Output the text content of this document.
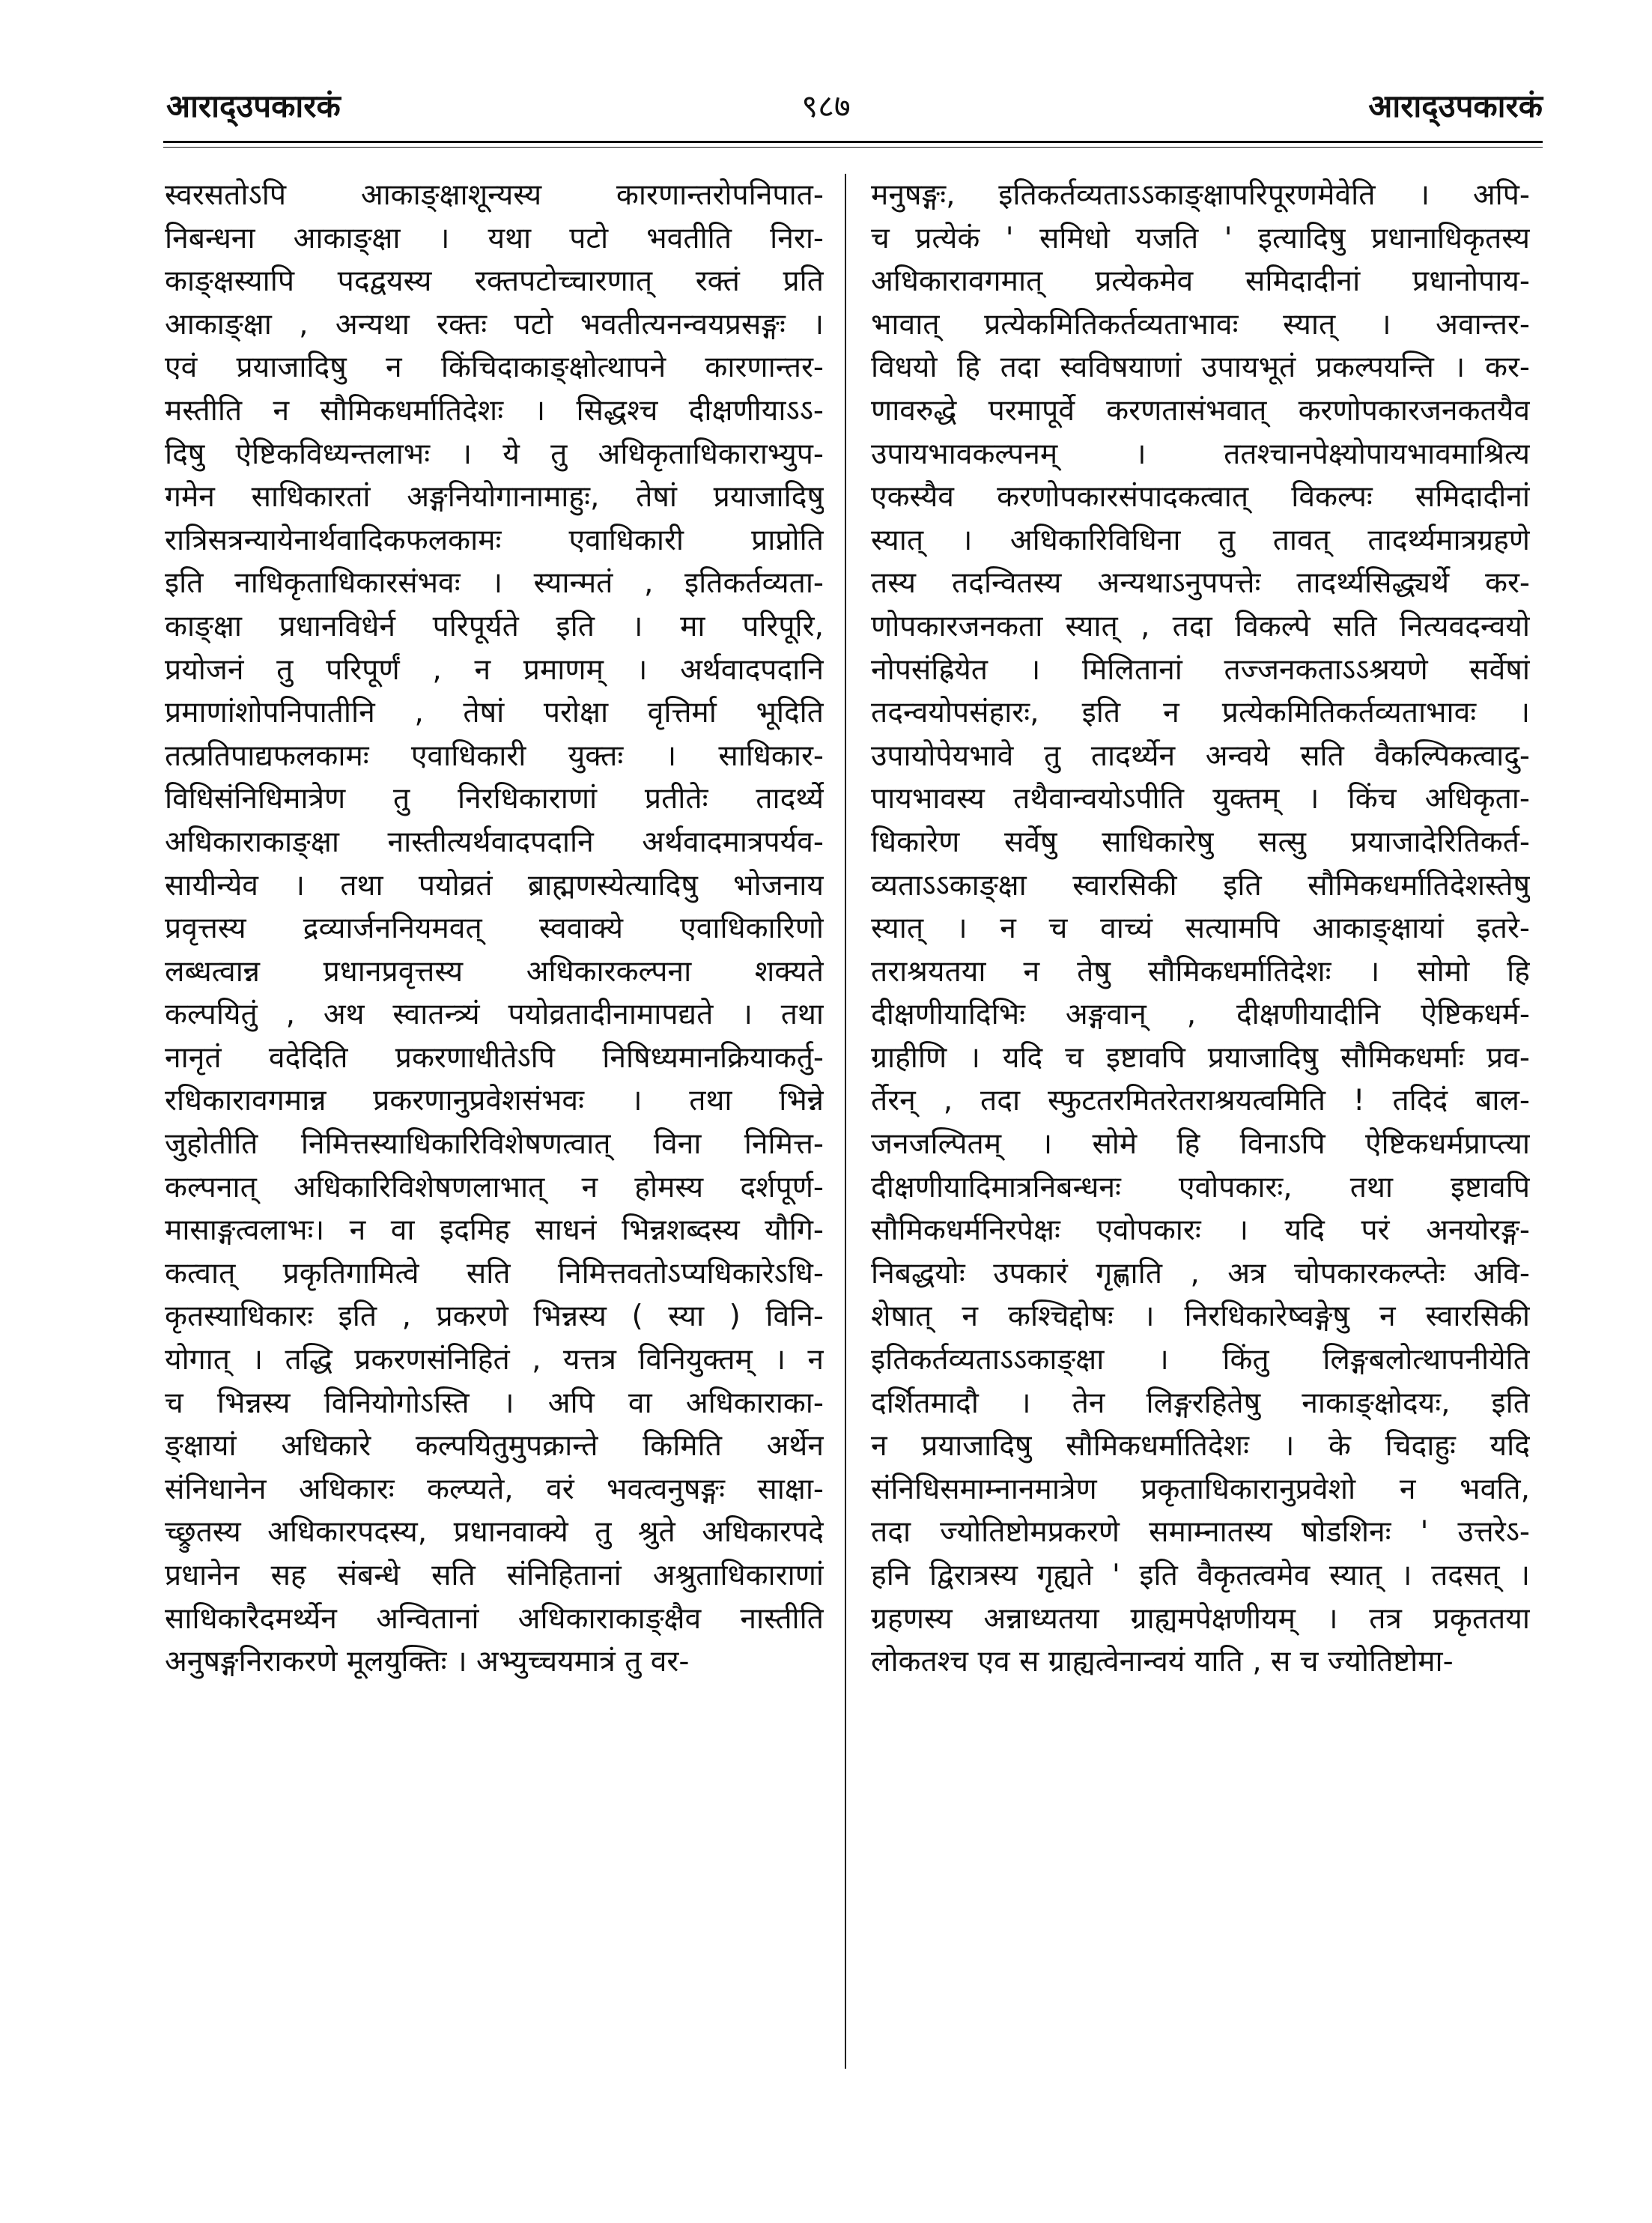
आराद्उपकारकं	९८७	आराद्उपकारकं

स्वरसतोऽपि आकाङ्क्षाशून्यस्य कारणान्तरोपनिपात-

निबन्धना आकाङ्क्षा । यथा पटो भवतीति निरा-

काङ्क्षस्यापि पदद्वयस्य रक्तपटोच्चारणात् रक्तं प्रति

आकाङ्क्षा , अन्यथा रक्तः पटो भवतीत्यनन्वयप्रसङ्गः ।

एवं प्रयाजादिषु न किंचिदाकाङ्क्षोत्थापने कारणान्तर-

मस्तीति न सौमिकधर्मातिदेशः । सिद्धश्च दीक्षणीयाऽऽ-

दिषु ऐष्टिकविध्यन्तलाभः । ये तु अधिकृताधिकाराभ्युप-

गमेन साधिकारतां अङ्गनियोगानामाहुः, तेषां प्रयाजादिषु

रात्रिसत्रन्यायेनार्थवादिकफलकामः एवाधिकारी प्राप्नोति

इति नाधिकृताधिकारसंभवः । स्यान्मतं , इतिकर्तव्यता-

काङ्क्षा प्रधानविधेर्न परिपूर्यते इति । मा परिपूरि,

प्रयोजनं तु परिपूर्णं , न प्रमाणम् । अर्थवादपदानि

प्रमाणांशोपनिपातीनि , तेषां परोक्षा वृत्तिर्मा भूदिति

तत्प्रतिपाद्यफलकामः एवाधिकारी युक्तः । साधिकार-

विधिसंनिधिमात्रेण तु निरधिकाराणां प्रतीतेः तादर्थ्ये

अधिकाराकाङ्क्षा नास्तीत्यर्थवादपदानि अर्थवादमात्रपर्यव-

सायीन्येव । तथा पयोव्रतं ब्राह्मणस्येत्यादिषु भोजनाय

प्रवृत्तस्य द्रव्यार्जननियमवत् स्ववाक्ये एवाधिकारिणो

लब्धत्वान्न प्रधानप्रवृत्तस्य अधिकारकल्पना शक्यते

कल्पयितुं , अथ स्वातन्त्र्यं पयोव्रतादीनामापद्यते । तथा

नानृतं वदेदिति प्रकरणाधीतेऽपि निषिध्यमानक्रियाकर्तु-

रधिकारावगमान्न प्रकरणानुप्रवेशसंभवः । तथा भिन्ने

जुहोतीति निमित्तस्याधिकारिविशेषणत्वात् विना निमित्त-

कल्पनात् अधिकारिविशेषणलाभात् न होमस्य दर्शपूर्ण-

मासाङ्गत्वलाभः। न वा इदमिह साधनं भिन्नशब्दस्य यौगि-

कत्वात् प्रकृतिगामित्वे सति निमित्तवतोऽप्यधिकारेऽधि-

कृतस्याधिकारः इति , प्रकरणे भिन्नस्य ( स्या ) विनि-

योगात् । तद्धि प्रकरणसंनिहितं , यत्तत्र विनियुक्तम् । न

च भिन्नस्य विनियोगोऽस्ति । अपि वा अधिकाराका-

ङ्क्षायां अधिकारे कल्पयितुमुपक्रान्ते किमिति अर्थेन

संनिधानेन अधिकारः कल्प्यते, वरं भवत्वनुषङ्गः साक्षा-

च्छ्रुतस्य अधिकारपदस्य, प्रधानवाक्ये तु श्रुते अधिकारपदे

प्रधानेन सह संबन्धे सति संनिहितानां अश्रुताधिकाराणां

साधिकारैदमर्थ्येन अन्वितानां अधिकाराकाङ्क्षैव नास्तीति

अनुषङ्गनिराकरणे मूलयुक्तिः । अभ्युच्चयमात्रं तु वर-

मनुषङ्गः, इतिकर्तव्यताऽऽकाङ्क्षापरिपूरणमेवेति । अपि-

च प्रत्येकं ' समिधो यजति ' इत्यादिषु प्रधानाधिकृतस्य

अधिकारावगमात् प्रत्येकमेव समिदादीनां प्रधानोपाय-

भावात् प्रत्येकमितिकर्तव्यताभावः स्यात् । अवान्तर-

विधयो हि तदा स्वविषयाणां उपायभूतं प्रकल्पयन्ति । कर-

णावरुद्धे परमापूर्वे करणतासंभवात् करणोपकारजनकतयैव

उपायभावकल्पनम् । ततश्चानपेक्ष्योपायभावमाश्रित्य

एकस्यैव करणोपकारसंपादकत्वात् विकल्पः समिदादीनां

स्यात् । अधिकारिविधिना तु तावत् तादर्थ्यमात्रग्रहणे

तस्य तदन्वितस्य अन्यथाऽनुपपत्तेः तादर्थ्यसिद्ध्यर्थे कर-

णोपकारजनकता स्यात् , तदा विकल्पे सति नित्यवदन्वयो

नोपसंह्रियेत । मिलितानां तज्जनकताऽऽश्रयणे सर्वेषां

तदन्वयोपसंहारः, इति न प्रत्येकमितिकर्तव्यताभावः ।

उपायोपेयभावे तु तादर्थ्येन अन्वये सति वैकल्पिकत्वादु-

पायभावस्य तथैवान्वयोऽपीति युक्तम् । किंच अधिकृता-

धिकारेण सर्वेषु साधिकारेषु सत्सु प्रयाजादेरितिकर्त-

व्यताऽऽकाङ्क्षा स्वारसिकी इति सौमिकधर्मातिदेशस्तेषु

स्यात् । न च वाच्यं सत्यामपि आकाङ्क्षायां इतरे-

तराश्रयतया न तेषु सौमिकधर्मातिदेशः । सोमो हि

दीक्षणीयादिभिः अङ्गवान् , दीक्षणीयादीनि ऐष्टिकधर्म-

ग्राहीणि । यदि च इष्टावपि प्रयाजादिषु सौमिकधर्माः प्रव-

र्तेरन् , तदा स्फुटतरमितरेतराश्रयत्वमिति ! तदिदं बाल-

जनजल्पितम् । सोमे हि विनाऽपि ऐष्टिकधर्मप्राप्त्या

दीक्षणीयादिमात्रनिबन्धनः एवोपकारः, तथा इष्टावपि

सौमिकधर्मनिरपेक्षः एवोपकारः । यदि परं अनयोरङ्ग-

निबद्धयोः उपकारं गृह्णाति , अत्र चोपकारकल्प्तेः अवि-

शेषात् न कश्चिद्दोषः । निरधिकारेष्वङ्गेषु न स्वारसिकी

इतिकर्तव्यताऽऽकाङ्क्षा । किंतु लिङ्गबलोत्थापनीयेति

दर्शितमादौ । तेन लिङ्गरहितेषु नाकाङ्क्षोदयः, इति

न प्रयाजादिषु सौमिकधर्मातिदेशः । के चिदाहुः यदि

संनिधिसमाम्नानमात्रेण प्रकृताधिकारानुप्रवेशो न भवति,

तदा ज्योतिष्टोमप्रकरणे समाम्नातस्य षोडशिनः ' उत्तरेऽ-

हनि द्विरात्रस्य गृह्यते ' इति वैकृतत्वमेव स्यात् । तदसत् ।

ग्रहणस्य अन्नाध्यतया ग्राह्यमपेक्षणीयम् । तत्र प्रकृततया

लोकतश्च एव स ग्राह्यत्वेनान्वयं याति , स च ज्योतिष्टोमा-
